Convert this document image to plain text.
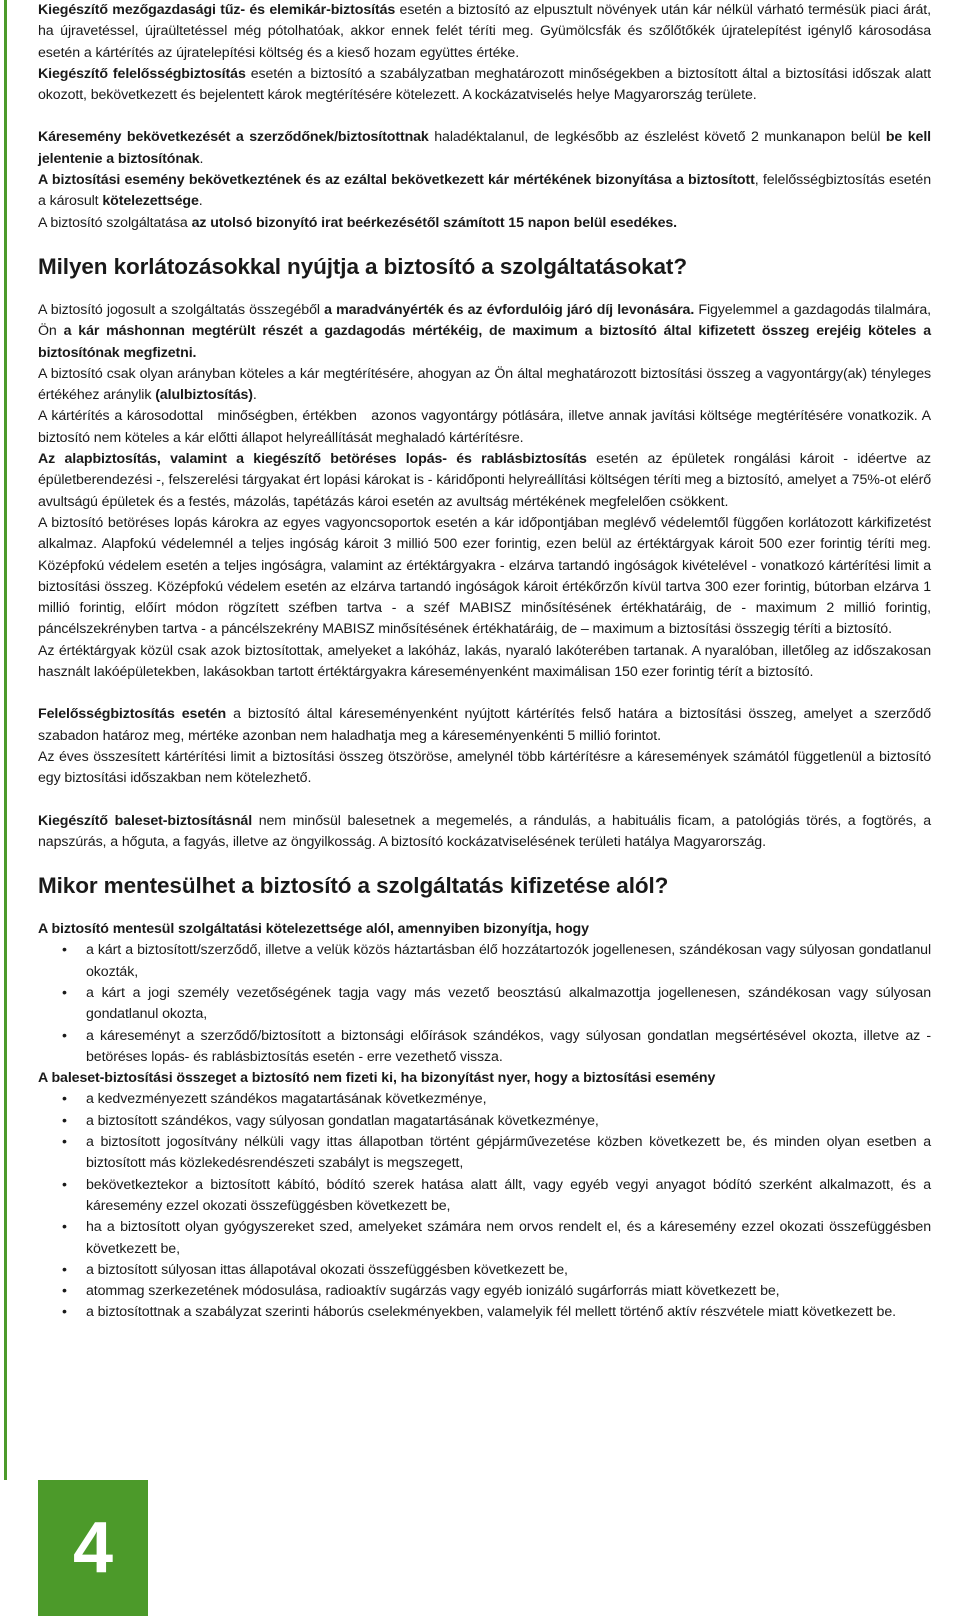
Kiegészítő mezőgazdasági tűz- és elemikár-biztosítás esetén a biztosító az elpusztult növények után kár nélkül várható termésük piaci árát, ha újravetéssel, újraültetéssel még pótolhatóak, akkor ennek felét téríti meg. Gyümölcsfák és szőlőtőkék újratelepítést igénylő károsodása esetén a kártérítés az újratelepítési költség és a kieső hozam együttes értéke.

Kiegészítő felelősségbiztosítás esetén a biztosító a szabályzatban meghatározott minőségekben a biztosított által a biztosítási időszak alatt okozott, bekövetkezett és bejelentett károk megtérítésére kötelezett. A kockázatviselés helye Magyarország területe.

Káresemény bekövetkezését a szerződőnek/biztosítottnak haladéktalanul, de legkésőbb az észlelést követő 2 munkanapon belül be kell jelentenie a biztosítónak.

A biztosítási esemény bekövetkeztének és az ezáltal bekövetkezett kár mértékének bizonyítása a biztosított, felelősségbiztosítás esetén a károsult kötelezettsége.

A biztosító szolgáltatása az utolsó bizonyító irat beérkezésétől számított 15 napon belül esedékes.

Milyen korlátozásokkal nyújtja a biztosító a szolgáltatásokat?

A biztosító jogosult a szolgáltatás összegéből a maradványérték és az évfordulóig járó díj levonására. Figyelemmel a gazdagodás tilalmára, Ön a kár máshonnan megtérült részét a gazdagodás mértékéig, de maximum a biztosító által kifizetett összeg erejéig köteles a biztosítónak megfizetni.

A biztosító csak olyan arányban köteles a kár megtérítésére, ahogyan az Ön által meghatározott biztosítási összeg a vagyontárgy(ak) tényleges értékéhez aránylik (alulbiztosítás).

A kártérítés a károsodottal   minőségben, értékben   azonos vagyontárgy pótlására, illetve annak javítási költsége megtérítésére vonatkozik. A biztosító nem köteles a kár előtti állapot helyreállítását meghaladó kártérítésre.

Az alapbiztosítás, valamint a kiegészítő betöréses lopás- és rablásbiztosítás esetén az épületek rongálási károit - idéertve az épületberendezési -, felszerelési tárgyakat ért lopási károkat is - káridőponti helyreállítási költségen téríti meg a biztosító, amelyet a 75%-ot elérő avultságú épületek és a festés, mázolás, tapétázás károi esetén az avultság mértékének megfelelően csökkent.

A biztosító betöréses lopás károkra az egyes vagyoncsoportok esetén a kár időpontjában meglévő védelemtől függően korlátozott kárkifizetést alkalmaz. Alapfokú védelemnél a teljes ingóság károit 3 millió 500 ezer forintig, ezen belül az értéktárgyak károit 500 ezer forintig téríti meg. Középfokú védelem esetén a teljes ingóságra, valamint az értéktárgyakra - elzárva tartandó ingóságok kivételével - vonatkozó kártérítési limit a biztosítási összeg. Középfokú védelem esetén az elzárva tartandó ingóságok károit értékőrzőn kívül tartva 300 ezer forintig, bútorban elzárva 1 millió forintig, előírt módon rögzített széfben tartva - a széf MABISZ minősítésének értékhatáráig, de - maximum 2 millió forintig, páncélszekrényben tartva - a páncélszekrény MABISZ minősítésének értékhatáráig, de – maximum a biztosítási összegig téríti a biztosító.

Az értéktárgyak közül csak azok biztosítottak, amelyeket a lakóház, lakás, nyaraló lakóterében tartanak. A nyaralóban, illetőleg az időszakosan használt lakóépületekben, lakásokban tartott értéktárgyakra káreseményenként maximálisan 150 ezer forintig térít a biztosító.

Felelősségbiztosítás esetén a biztosító által káreseményenként nyújtott kártérítés felső határa a biztosítási összeg, amelyet a szerződő szabadon határoz meg, mértéke azonban nem haladhatja meg a káreseményenkénti 5 millió forintot.

Az éves összesített kártérítési limit a biztosítási összeg ötszöröse, amelynél több kártérítésre a káresemények számától függetlenül a biztosító egy biztosítási időszakban nem kötelezhető.

Kiegészítő baleset-biztosításnál nem minősül balesetnek a megemelés, a rándulás, a habituális ficam, a patológiás törés, a fogtörés, a napszúrás, a hőguta, a fagyás, illetve az öngyilkosság. A biztosító kockázatviselésének területi hatálya Magyarország.

Mikor mentesülhet a biztosító a szolgáltatás kifizetése alól?

A biztosító mentesül szolgáltatási kötelezettsége alól, amennyiben bizonyítja, hogy

• a kárt a biztosított/szerződő, illetve a velük közös háztartásban élő hozzátartozók jogellenesen, szándékosan vagy súlyosan gondatlanul okozták,
• a kárt a jogi személy vezetőségének tagja vagy más vezető beosztású alkalmazottja jogellenesen, szándékosan vagy súlyosan gondatlanul okozta,
• a káreseményt a szerződő/biztosított a biztonsági előírások szándékos, vagy súlyosan gondatlan megsértésével okozta, illetve az - betöréses lopás- és rablásbiztosítás esetén - erre vezethető vissza.

A baleset-biztosítási összeget a biztosító nem fizeti ki, ha bizonyítást nyer, hogy a biztosítási esemény

• a kedvezményezett szándékos magatartásának következménye,
• a biztosított szándékos, vagy súlyosan gondatlan magatartásának következménye,
• a biztosított jogosítvány nélküli vagy ittas állapotban történt gépjárművezetése közben következett be, és minden olyan esetben a biztosított más közlekedésrendészeti szabályt is megszegett,
• bekövetkeztekor a biztosított kábító, bódító szerek hatása alatt állt, vagy egyéb vegyi anyagot bódító szerként alkalmazott, és a káresemény ezzel okozati összefüggésben következett be,
• ha a biztosított olyan gyógyszereket szed, amelyeket számára nem orvos rendelt el, és a káresemény ezzel okozati összefüggésben következett be,
• a biztosított súlyosan ittas állapotával okozati összefüggésben következett be,
• atommag szerkezetének módosulása, radioaktív sugárzás vagy egyéb ionizáló sugárforrás miatt következett be,
• a biztosítottnak a szabályzat szerinti háborús cselekményekben, valamelyik fél mellett történő aktív részvétele miatt következett be.
4
